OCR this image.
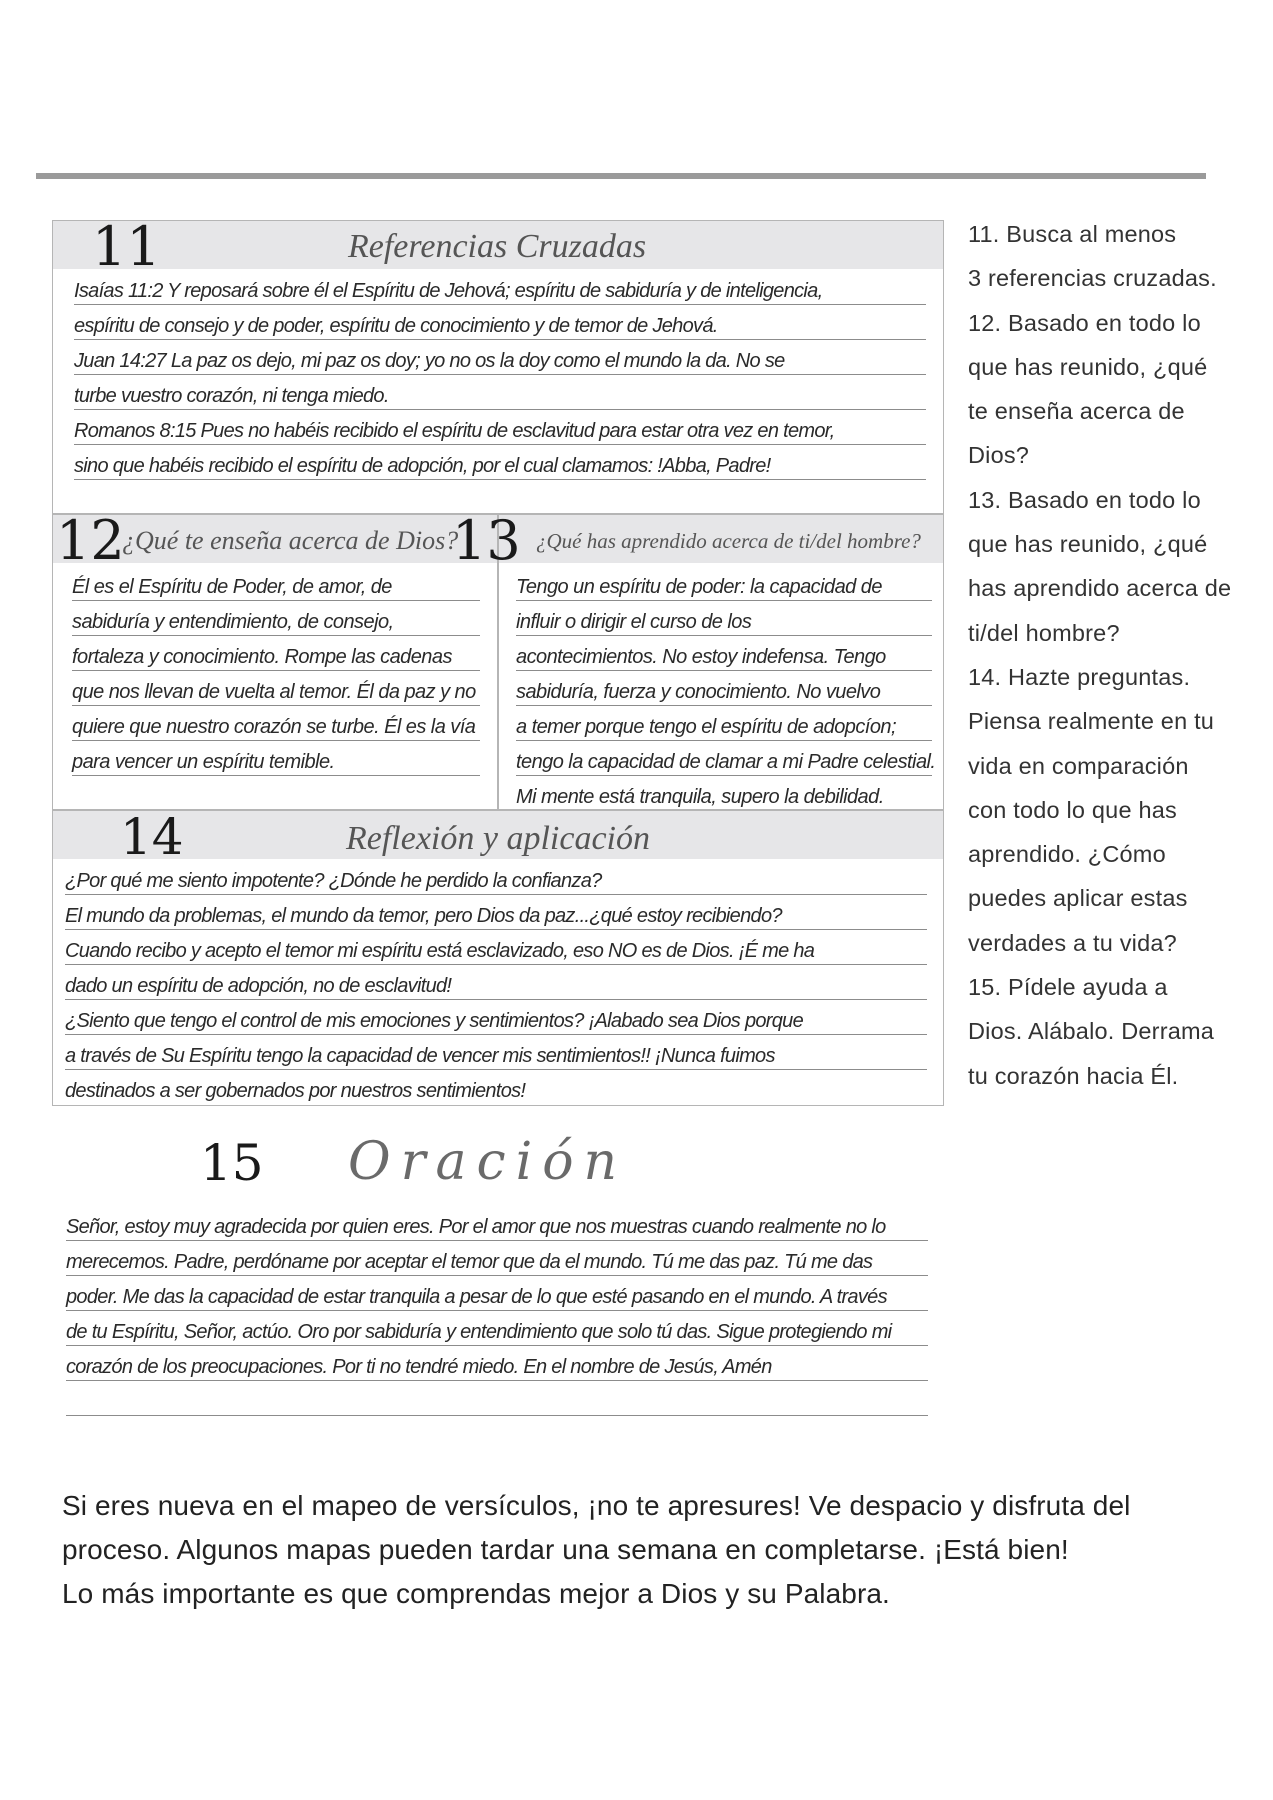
11	Referencias Cruzadas
Isaías 11:2 Y reposará sobre él el Espíritu de Jehová; espíritu de sabiduría y de inteligencia,
espíritu de consejo y de poder, espíritu de conocimiento y de temor de Jehová.
Juan 14:27 La paz os dejo, mi paz os doy; yo no os la doy como el mundo la da. No se
turbe vuestro corazón, ni tenga miedo.
Romanos 8:15 Pues no habéis recibido el espíritu de esclavitud para estar otra vez en temor,
sino que habéis recibido el espíritu de adopción, por el cual clamamos: !Abba, Padre!
12
¿Qué te enseña acerca de Dios?
Él es el Espíritu de Poder, de amor, de
sabiduría y entendimiento, de consejo,
fortaleza y conocimiento. Rompe las cadenas
que nos llevan de vuelta al temor. Él da paz y no
quiere que nuestro corazón se turbe. Él es la vía
para vencer un espíritu temible.
13 ¿Qué has aprendido acerca de ti/del hombre?
Tengo un espíritu de poder: la capacidad de
influir o dirigir el curso de los
acontecimientos. No estoy indefensa. Tengo
sabiduría, fuerza y conocimiento. No vuelvo
a temer porque tengo el espíritu de adopcíon;
tengo la capacidad de clamar a mi Padre celestial.
Mi mente está tranquila, supero la debilidad.
14	Reflexión y aplicación
¿Por qué me siento impotente? ¿Dónde he perdido la confianza?
El mundo da problemas, el mundo da temor, pero Dios da paz...¿qué estoy recibiendo?
Cuando recibo y acepto el temor mi espíritu está esclavizado, eso NO es de Dios. ¡É me ha
dado un espíritu de adopción, no de esclavitud!
¿Siento que tengo el control de mis emociones y sentimientos? ¡Alabado sea Dios porque
a través de Su Espíritu tengo la capacidad de vencer mis sentimientos!! ¡Nunca fuimos
destinados a ser gobernados por nuestros sentimientos!
15 Oración
Señor, estoy muy agradecida por quien eres. Por el amor que nos muestras cuando realmente no lo
merecemos. Padre, perdóname por aceptar el temor que da el mundo. Tú me das paz. Tú me das
poder. Me das la capacidad de estar tranquila a pesar de lo que esté pasando en el mundo. A través
de tu Espíritu, Señor, actúo. Oro por sabiduría y entendimiento que solo tú das. Sigue protegiendo mi
corazón de los preocupaciones. Por ti no tendré miedo. En el nombre de Jesús, Amén
11. Busca al menos
3 referencias cruzadas.
12. Basado en todo lo
que has reunido, ¿qué
te enseña acerca de
Dios?
13. Basado en todo lo
que has reunido, ¿qué
has aprendido acerca de
ti/del hombre?
14. Hazte preguntas.
Piensa realmente en tu
vida en comparación
con todo lo que has
aprendido. ¿Cómo
puedes aplicar estas
verdades a tu vida?
15. Pídele ayuda a
Dios. Alábalo. Derrama
tu corazón hacia Él.
Si eres nueva en el mapeo de versículos, ¡no te apresures! Ve despacio y disfruta del
proceso. Algunos mapas pueden tardar una semana en completarse. ¡Está bien!
Lo más importante es que comprendas mejor a Dios y su Palabra.
